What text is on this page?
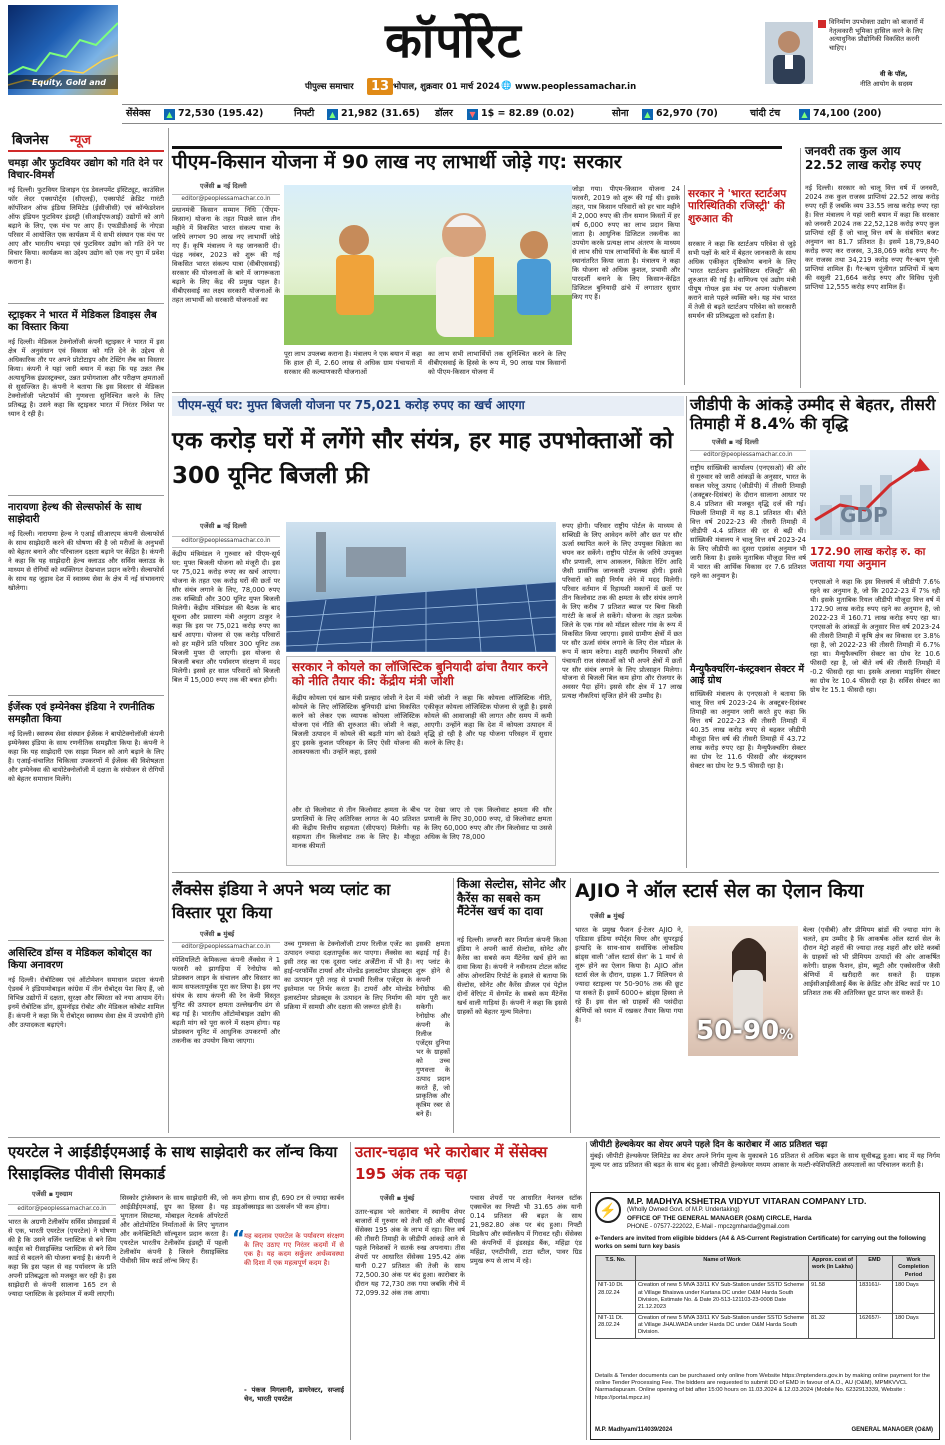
Equity, Gold and
कॉर्पोरेट
पीपुल्स समाचार	13 भोपाल, शुक्रवार 01 मार्च 2024 🌐 www.peoplessamachar.in
विनिर्माण उपभोक्ता उद्योग को बाजारों में नेतृत्वकारी भूमिका हासिल करने के लिए अत्याधुनिक प्रौद्योगिकी विकसित करनी चाहिए।
वी के पॉल,
नीति आयोग के सदस्य
सेंसेक्स	▲ 72,530 (195.42)	निफ्टी	▲ 21,982 (31.65) डॉलर	▼ 1$ = 82.89 (0.02)	सोना	▲ 62,970 (70)	चांदी टंच	▲ 74,100 (200)
बिजनेस न्यूज
चमड़ा और फुटवियर उद्योग को गति देने पर विचार-विमर्श
नई दिल्ली। फुटवियर डिजाइन एंड डेवलपमेंट इंस्टिट्यूट, काउंसिल फॉर लेदर एक्सपोर्ट्स (सीएलई), एक्सपोर्ट क्रेडिट गारंटी कॉर्पोरेशन ऑफ इंडिया लिमिटेड (ईसीजीसी) एवं कॉन्फेडरेशन ऑफ इंडियन फुटवियर इंडस्ट्री (सीआईएफआई) उद्योगों को आगे बढ़ाने के लिए, एक मंच पर आए हैं। एफडीडीआई के नोएडा परिसर में आयोजित एक कार्यक्रम में ये सभी संस्थान एक मंच पर आए और भारतीय चमड़ा एवं फुटवियर उद्योग को गति देने पर विचार किया। कार्यक्रम का उद्देश्य उद्योग को एक नए युग में प्रवेश कराना है।
स्ट्राइकर ने भारत में मेडिकल डिवाइस लैब का विस्तार किया
नई दिल्ली। मेडिकल टेक्नोलॉजी कंपनी स्ट्राइकर ने भारत में इस क्षेत्र में अनुसंधान एवं विकास को गति देने के उद्देश्य से अधिकारिक तौर पर अपने प्रोटोटाइप और टेस्टिंग लैब का विस्तार किया। कंपनी ने यहां जारी बयान में कहा कि यह उन्नत लैब अत्याधुनिक इंफ्रास्ट्रक्चर, उन्नत प्रयोगशाला और परीक्षण क्षमताओं से सुसज्जित है। कंपनी ने बताया कि इस विस्तार से मेडिकल टेक्नोलॉजी प्लेटफॉर्म की गुणवत्ता सुनिश्चित करने के लिए प्रतिबद्ध है। उसने कहा कि स्ट्राइकर भारत में निरंतर निवेश पर ध्यान दे रही है।
नारायणा हेल्थ की सेल्सफोर्स के साथ साझेदारी
नई दिल्ली। नारायणा हेल्थ ने एआई सीआरएम कंपनी सेल्सफोर्स के साथ साझेदारी करने की घोषणा की है जो मरीजों के अनुभवों को बेहतर बनाने और परिचालन दक्षता बढ़ाने पर केंद्रित है। कंपनी ने कहा कि यह साझेदारी हेल्थ क्लाउड और सर्विस क्लाउड के माध्यम से रोगियों को व्यक्तिगत देखभाल प्रदान करेगी। सेल्सफोर्स के साथ यह जुड़ाव देश में स्वास्थ्य सेवा के क्षेत्र में नई संभावनाएं खोलेगा।
ईजेंस्क एवं इम्येनेक्स इंडिया ने रणनीतिक समझौता किया
नई दिल्ली। स्वास्थ्य सेवा संस्थान ईजेंस्क ने बायोटेक्नोलॉजी कंपनी इम्येनेक्स इंडिया के साथ रणनीतिक समझौता किया है। कंपनी ने कहा कि यह साझेदारी एक साझा मिशन को आगे बढ़ाने के लिए है। एआई-संचालित चिकित्सा उपकरणों में ईजेंस्क की विशेषज्ञता और इम्येनेक्स की बायोटेक्नोलॉजी में दक्षता के संयोजन से रोगियों को बेहतर समाधान मिलेंगे।
असिस्टिव डॉग्स व मेडिकल कोबोट्स का किया अनावरण
नई दिल्ली। रोबोटिक्स एवं ऑटोमेशन समाधान प्रदाता कंपनी ऐडवर्ब ने इंडियामोबाइल कांग्रेस में तीन रोबोट्स पेश किए हैं, जो विभिन्न उद्योगों में दक्षता, सुरक्षा और स्थिरता को नया आयाम देंगे। इनमें रोबोटिक डॉग, ह्यूमनॉइड रोबोट और मेडिकल कोबोट शामिल हैं। कंपनी ने कहा कि ये रोबोट्स स्वास्थ्य सेवा क्षेत्र में उपयोगी होंगे और उत्पादकता बढ़ाएंगे।
पीएम-किसान योजना में 90 लाख नए लाभार्थी जोड़े गए: सरकार
एजेंसी ▪ नई दिल्ली
editor@peoplessamachar.co.in
प्रधानमंत्री किसान सम्मान निधि (पीएम-किसान) योजना के तहत पिछले साल तीन महीने में विकसित भारत संकल्प यात्रा के जरिये लगभग 90 लाख नए लाभार्थी जोड़े गए हैं। कृषि मंत्रालय ने यह जानकारी दी। पंद्रह नवंबर, 2023 को शुरू की गई विकसित भारत संकल्प यात्रा (वीबीएसवाई) सरकार की योजनाओं के बारे में जागरूकता बढ़ाने के लिए केंद्र की प्रमुख पहल है। वीबीएसवाई का लक्ष्य सरकारी योजनाओं के तहत लाभार्थी को सरकारी योजनाओं का
पूरा लाभ उपलब्ध कराना है। मंत्रालय ने एक बयान में कहा कि हाल ही में, 2.60 लाख से अधिक ग्राम पंचायतों में सरकार की कल्याणकारी योजनाओं
का लाभ सभी लाभार्थियों तक सुनिश्चित करने के लिए वीबीएसवाई के हिस्से के रूप में, 90 लाख पात्र किसानों को पीएम-किसान योजना में
जोड़ा गया। पीएम-किसान योजना 24 फरवरी, 2019 को शुरू की गई थी। इसके तहत, पात्र किसान परिवारों को हर चार महीने में 2,000 रुपए की तीन समान किस्तों में हर वर्ष 6,000 रुपए का लाभ प्रदान किया जाता है। आधुनिक डिजिटल तकनीक का उपयोग करके प्रत्यक्ष लाभ अंतरण के माध्यम से लाभ सीधे पात्र लाभार्थियों के बैंक खातों में स्थानांतरित किया जाता है। मंत्रालय ने कहा कि योजना को अधिक कुशल, प्रभावी और पारदर्शी बनाने के लिए किसान-केंद्रित डिजिटल बुनियादी ढांचे में लगातार सुधार किए गए हैं।
सरकार ने 'भारत स्टार्टअप पारिस्थितिकी रजिस्ट्री' की शुरुआत की
सरकार ने कहा कि स्टार्टअप परिवेश से जुड़े सभी पक्षों के बारे में बेहतर जानकारी के साथ अधिक एकीकृत दृष्टिकोण बनाने के लिए 'भारत स्टार्टअप इकोसिस्टम रजिस्ट्री' की शुरुआत की गई है। वाणिज्य एवं उद्योग मंत्री पीयूष गोयल इस मंच पर अपना पंजीकरण कराने वाले पहले व्यक्ति बने। यह मंच भारत में तेजी से बढ़ते स्टार्टअप परिवेश को सरकारी समर्थन की प्रतिबद्धता को दर्शाता है।
जनवरी तक कुल आय 22.52 लाख करोड़ रुपए
नई दिल्ली। सरकार को चालू वित्त वर्ष में जनवरी, 2024 तक कुल राजस्व प्राप्तियां 22.52 लाख करोड़ रुपए रहीं हैं जबकि व्यय 33.55 लाख करोड़ रुपए रहा है। वित्त मंत्रालय ने यहां जारी बयान में कहा कि सरकार को जनवरी 2024 तक 22,52,128 करोड़ रुपए कुल प्राप्तियां रहीं हैं जो चालू वित्त वर्ष के संबंधित बजट अनुमान का 81.7 प्रतिशत है। इसमें 18,79,840 करोड़ रुपए कर राजस्व, 3,38,069 करोड़ रुपए गैर-कर राजस्व तथा 34,219 करोड़ रुपए गैर-ऋण पूंजी प्राप्तियां शामिल हैं। गैर-ऋण पूंजीगत प्राप्तियों में ऋण की वसूली 21,664 करोड़ रुपए और विविध पूंजी प्राप्तियां 12,555 करोड़ रुपए शामिल हैं।
पीएम-सूर्य घर: मुफ्त बिजली योजना पर 75,021 करोड़ रुपए का खर्च आएगा
एक करोड़ घरों में लगेंगे सौर संयंत्र, हर माह उपभोक्ताओं को 300 यूनिट बिजली फ्री
एजेंसी ▪ नई दिल्ली
editor@peoplessamachar.co.in
केंद्रीय मंत्रिमंडल ने गुरुवार को पीएम-सूर्य घर: मुफ्त बिजली योजना को मंजूरी दी। इस पर 75,021 करोड़ रुपए का खर्च आएगा। योजना के तहत एक करोड़ घरों की छतों पर सौर संयंत्र लगाने के लिए, 78,000 रुपए तक सब्सिडी और 300 यूनिट मुफ्त बिजली मिलेगी। केंद्रीय मंत्रिमंडल की बैठक के बाद सूचना और प्रसारण मंत्री अनुराग ठाकुर ने कहा कि इस पर 75,021 करोड़ रुपए का खर्च आएगा। योजना से एक करोड़ परिवारों को हर महीने प्रति परिवार 300 यूनिट तक बिजली मुफ्त दी जाएगी। इस योजना से बिजली बचत और पर्यावरण संरक्षण में मदद मिलेगी। इससे हर साल परिवारों को बिजली बिल में 15,000 रुपए तक की बचत होगी।
सरकार ने कोयले का लॉजिस्टिक बुनियादी ढांचा तैयार करने को नीति तैयार की: केंद्रीय मंत्री जोशी
केंद्रीय कोयला एवं खान मंत्री प्रल्हाद जोशी ने देश में कोयले के लिए लॉजिस्टिक बुनियादी ढांचा विकसित करने को लेकर एक व्यापक कोयला लॉजिस्टिक योजना एवं नीति की शुरुआत की। जोशी ने कहा, बिजली उत्पादन में कोयले की बढ़ती मांग को देखते हुए इसके कुशल परिवहन के लिए ऐसी योजना की आवश्यकता थी। उन्होंने कहा, इससे
मंत्री जोशी ने कहा कि कोयला लॉजिस्टिक नीति, एकीकृत कोयला लॉजिस्टिक योजना से जुड़ी है। इससे कोयले की आवाजाही की लागत और समय में कमी आएगी। उन्होंने कहा कि देश में कोयला उत्पादन में वृद्धि हो रही है और यह योजना परिवहन में सुधार करने के लिए है।
और दो किलोवाट से तीन किलोवाट क्षमता के बीच प्रणालियों के लिए अतिरिक्त लागत के 40 प्रतिशत की केंद्रीय वित्तीय सहायता (सीएफए) मिलेगी। यह सहायता तीन किलोवाट तक के लिए है। मौजूदा मानक कीमतों
पर देखा जाए तो एक किलोवाट क्षमता की सौर प्रणाली के लिए 30,000 रुपए, दो किलोवाट क्षमता के लिए 60,000 रुपए और तीन किलोवाट या उससे अधिक के लिए 78,000
रुपए होगी। परिवार राष्ट्रीय पोर्टल के माध्यम से सब्सिडी के लिए आवेदन करेंगे और छत पर सौर ऊर्जा स्थापित करने के लिए उपयुक्त विक्रेता का चयन कर सकेंगे। राष्ट्रीय पोर्टल के जरिये उपयुक्त सौर प्रणाली, लाभ आकलन, विक्रेता रेटिंग आदि जैसी प्रासंगिक जानकारी उपलब्ध होगी। इससे परिवारों को सही निर्णय लेने में मदद मिलेगी। परिवार वर्तमान में रिहायशी मकानों में छतों पर तीन किलोवाट तक की क्षमता के सौर संयंत्र लगाने के लिए करीब 7 प्रतिशत ब्याज पर बिना किसी गारंटी के कर्ज ले सकेंगे। योजना के तहत प्रत्येक जिले के एक गांव को मॉडल सोलर गांव के रूप में विकसित किया जाएगा। इससे ग्रामीण क्षेत्रों में छत पर सौर ऊर्जा संयंत्र लगाने के लिए रोल मॉडल के रूप में काम करेगा। शहरी स्थानीय निकायों और पंचायती राज संस्थाओं को भी अपने क्षेत्रों में छतों पर सौर संयंत्र लगाने के लिए प्रोत्साहन मिलेगा। योजना से बिजली बिल कम होगा और रोजगार के अवसर पैदा होंगे। इससे सौर क्षेत्र में 17 लाख प्रत्यक्ष नौकरियां सृजित होने की उम्मीद है।
जीडीपी के आंकड़े उम्मीद से बेहतर, तीसरी तिमाही में 8.4% की वृद्धि
एजेंसी ▪ नई दिल्ली
editor@peoplessamachar.co.in
राष्ट्रीय सांख्यिकी कार्यालय (एनएसओ) की ओर से गुरुवार को जारी आंकड़ों के अनुसार, भारत के सकल घरेलू उत्पाद (जीडीपी) में तीसरी तिमाही (अक्टूबर-दिसंबर) के दौरान सालाना आधार पर 8.4 प्रतिशत की मजबूत वृद्धि दर्ज की गई। पिछली तिमाही में यह 8.1 प्रतिशत थी। बीते वित्त वर्ष 2022-23 की तीसरी तिमाही में जीडीपी 4.4 प्रतिशत की दर से बढ़ी थी। सांख्यिकी मंत्रालय ने चालू वित्त वर्ष 2023-24 के लिए जीडीपी का दूसरा एडवांस अनुमान भी जारी किया है। इसके मुताबिक मौजूदा वित्त वर्ष में भारत की आर्थिक विकास दर 7.6 प्रतिशत रहने का अनुमान है।
मैन्युफैक्चरिंग-कंस्ट्रक्शन सेक्टर में आई ग्रोथ
सांख्यिकी मंत्रालय के एनएसओ ने बताया कि चालू वित्त वर्ष 2023-24 के अक्टूबर-दिसंबर तिमाही का अनुमान जारी करते हुए कहा कि वित्त वर्ष 2022-23 की तीसरी तिमाही में 40.35 लाख करोड़ रुपए से बढ़कर जीडीपी मौजूदा वित्त वर्ष की तीसरी तिमाही में 43.72 लाख करोड़ रुपए रहा है। मैन्युफैक्चरिंग सेक्टर का ग्रोथ रेट 11.6 फीसदी और कंस्ट्रक्शन सेक्टर का ग्रोथ रेट 9.5 फीसदी रहा है।
GDP
172.90 लाख करोड़ रु. का जताया गया अनुमान
एनएसओ ने कहा कि इस वित्तवर्ष में जीडीपी 7.6% रहने का अनुमान है, जो कि 2022-23 में 7% रही थी। इसके मुताबिक रियल जीडीपी मौजूदा वित्त वर्ष में 172.90 लाख करोड़ रुपए रहने का अनुमान है, जो 2022-23 में 160.71 लाख करोड़ रुपए रहा था। एनएसओ के आंकड़ों के अनुसार वित्त वर्ष 2023-24 की तीसरी तिमाही में कृषि क्षेत्र का विकास दर 3.8% रहा है, जो 2022-23 की तीसरी तिमाही में 6.7% रहा था। मैन्युफैक्चरिंग सेक्टर का ग्रोथ रेट 10.6 फीसदी रहा है, जो बीते वर्ष की तीसरी तिमाही में -0.2 फीसदी रहा था। इसके अलावा माइनिंग सेक्टर का ग्रोथ रेट 10.4 फीसदी रहा है। सर्विस सेक्टर का ग्रोथ रेट 15.1 फीसदी रहा।
लैंक्सेस इंडिया ने अपने भव्य प्लांट का विस्तार पूरा किया
एजेंसी ▪ मुंबई
editor@peoplessamachar.co.in
स्पेशियलिटी केमिकल्स कंपनी लैंक्सेस ने 1 फरवरी को झागड़िया में रेनोग्रोफ को प्रोडक्शन लाइन के संचालन और विस्तार का काम सफलतापूर्वक पूरा कर लिया है। इस नए संयंत्र के साथ कंपनी की रेन केमी विस्तृत यूनिट की उत्पादन क्षमता उल्लेखनीय ढंग से बढ़ गई है। भारतीय ऑटोमोबाइल उद्योग की बढ़ती मांग को पूरा करने में सक्षम होगा। यह प्रोडक्शन यूनिट में आधुनिक उपकरणों और तकनीक का उपयोग किया जाएगा।
उच्च गुणवत्ता के टेक्नोलॉजी टायर रिलीज एजेंट का उत्पादन ज्यादा दक्षतापूर्वक कर पाएगा। लैंक्सेस का इसी तरह का एक दूसरा प्लांट अर्जेंटीना में भी है। हाई-परफॉर्मेंस टायर्स और मोल्डेड इलास्टोमर प्रोडक्ट्स का उत्पादन पूरी तरह से प्रभावी रिलीज एजेंट्स के इस्तेमाल पर निर्भर करता है। टायरों और मोल्डेड इलास्टोमर प्रोडक्ट्स के उत्पादन के लिए निर्माण की प्रक्रिया में सामग्री और दक्षता की जरूरत होती है।
इसकी क्षमता बढ़ाई गई है। नए प्लांट के शुरू होने से कंपनी रेनोग्रोफ की मांग पूरी कर सकेगी। रेनोग्रोफ और कंपनी के रिलीज एजेंट्स दुनिया भर के ग्राहकों को उच्च गुणवत्ता के उत्पाद प्रदान करते हैं, जो प्राकृतिक और कृत्रिम रबर से बने हैं।
किआ सेल्टोस, सोनेट और कैरेंस का सबसे कम मैंटेनेंस खर्च का दावा
नई दिल्ली। लग्जरी कार निर्माता कंपनी किआ इंडिया ने अपनी कारों सेल्टोस, सोनेट और कैरेंस का सबसे कम मैंटेनेंस खर्च होने का दावा किया है। कंपनी ने नवीनतम टोटल कॉस्ट ऑफ ओनरशिप रिपोर्ट के हवाले से बताया कि सेल्टोस, सोनेट और कैरेंस डीजल एवं पेट्रोल दोनों वेरिएंट में सेगमेंट के सबसे कम मैंटेनेंस खर्च वाली गाड़ियां हैं। कंपनी ने कहा कि इससे ग्राहकों को बेहतर मूल्य मिलेगा।
AJIO ने ऑल स्टार्स सेल का ऐलान किया
एजेंसी ▪ मुंबई
भारत के प्रमुख फैशन ई-टेलर AJIO ने, एडिडास इंडिया स्पोर्ट्स वियर और सुपरड्राई इत्यादि के साथ-साथ सर्वाधिक लोकप्रिय ब्रांड्स वाली 'ऑल स्टार्स सेल' के 1 मार्च से शुरू होने का ऐलान किया है। AJIO ऑल स्टार्स सेल के दौरान, ग्राहक 1.7 मिलियन से ज्यादा स्टाइल्स पर 50-90% तक की छूट पा सकते हैं। इसमें 6000+ ब्रांड्स हिस्सा ले रहे हैं। इस सेल को ग्राहकों की पसंदीदा श्रेणियों को ध्यान में रखकर तैयार किया गया है।	50-90%
बेल्स (एवीबी) और प्रीमियम ब्रांडों की ज्यादा मांग के चलते, हम उम्मीद है कि आकर्षक ऑल स्टार्स सेल के दौरान मेट्रो शहरों की ज्यादा तरह शहरों और छोटे कस्बों के ग्राहकों को भी प्रीमियम उत्पादों की ओर आकर्षित करेगी। ग्राहक फैशन, होम, ब्यूटी और एक्सेसरीज जैसी श्रेणियों में खरीदारी कर सकते हैं। ग्राहक आईसीआईसीआई बैंक के क्रेडिट और डेबिट कार्ड पर 10 प्रतिशत तक की अतिरिक्त छूट प्राप्त कर सकते हैं।
एयरटेल ने आईडीईएमआई के साथ साझेदारी कर लॉन्च किया रिसाइक्लिड पीवीसी सिमकार्ड
एजेंसी ▪ गुरुग्राम
editor@peoplessamachar.co.in
भारत के अग्रणी टेलीकॉम सर्विस प्रोवाइडर्स में से एक, भारती एयरटेल (एयरटेल) ने घोषणा की है कि उसने वर्जिन प्लास्टिक से बने सिम कार्ड्स को रीसाइक्लिड प्लास्टिक से बने सिम कार्ड से बदलने की योजना बनाई है। कंपनी ने कहा कि इस पहल से वह पर्यावरण के प्रति अपनी प्रतिबद्धता को मजबूत कर रही है। इस साझेदारी से कंपनी सालाना 165 टन से ज्यादा प्लास्टिक के इस्तेमाल में कमी लाएगी।
सिस्कोर ट्रांजेक्शन के साथ साझेदारी की, जो आईडीईएमआई, ग्रुप का हिस्सा है। यह भुगतान सिस्टम्स, मोबाइल नेटवर्क ऑपरेटरों और ओटोमोटिव निर्माताओं के लिए भुगतान और कनेक्टिविटी सॉल्यूशन प्रदान करता है। एयरटेल भारतीय टेलीकॉम इंडस्ट्री में पहली टेलीकॉम कंपनी है जिसने रीसाइक्लिड पीवीसी सिम कार्ड लॉन्च किए हैं।
कम होगा। साथ ही, 690 टन से ज्यादा कार्बन डाइऑक्साइड का उत्सर्जन भी कम होगा।
“
यह बदलाव एयरटेल के पर्यावरण संरक्षण के लिए उठाए गए निरंतर कदमों में से एक है। यह कदम सर्कुलर अर्थव्यवस्था की दिशा में एक महत्वपूर्ण कदम है।
- पंकज मिगलानी, डायरेक्टर, सप्लाई चेन, भारती एयरटेल
उतार-चढ़ाव भरे कारोबार में सेंसेक्स 195 अंक तक चढ़ा
एजेंसी ▪ मुंबई
उतार-चढ़ाव भरे कारोबार में स्थानीय शेयर बाजारों में गुरुवार को तेजी रही और बीएसई सेंसेक्स 195 अंक के लाभ में रहा। वित्त वर्ष की तीसरी तिमाही के जीडीपी आंकड़े आने से पहले निवेशकों ने सतर्क रुख अपनाया। तीस शेयरों पर आधारित सेंसेक्स 195.42 अंक यानी 0.27 प्रतिशत की तेजी के साथ 72,500.30 अंक पर बंद हुआ। कारोबार के दौरान यह 72,730 तक गया जबकि नीचे में 72,099.32 अंक तक आया।
पचास शेयरों पर आधारित नेशनल स्टॉक एक्सचेंज का निफ्टी भी 31.65 अंक यानी 0.14 प्रतिशत की बढ़त के साथ 21,982.80 अंक पर बंद हुआ। निफ्टी मिडकैप और स्मॉलकैप में गिरावट रही। सेंसेक्स की कंपनियों में इंडसइंड बैंक, महिंद्रा एंड महिंद्रा, एनटीपीसी, टाटा स्टील, पावर ग्रिड प्रमुख रूप से लाभ में रहे।
जीपीटी हेल्थकेयर का शेयर अपने पहले दिन के कारोबार में आठ प्रतिशत चढ़ा
मुंबई। जीपीटी हेल्थकेयर लिमिटेड का शेयर अपने निर्गम मूल्य के मुकाबले 16 प्रतिशत से अधिक बढ़त के साथ सूचीबद्ध हुआ। बाद में यह निर्गम मूल्य पर आठ प्रतिशत की बढ़त के साथ बंद हुआ। जीपीटी हेल्थकेयर मध्यम आकार के मल्टी-स्पेशियलिटी अस्पतालों का परिचालन करती है।
⚡
M.P. MADHYA KSHETRA VIDYUT VITARAN COMPANY LTD.
(Wholly Owned Govt. of M.P. Undertaking)
OFFICE OF THE GENERAL MANAGER (O&M) CIRCLE, Harda
PHONE - 07577-222022, E-Mail - mpczgmharda@gmail.com
e-Tenders are invited from eligible bidders (A4 & AS-Current Registration Certificate) for carrying out the following works on semi turn key basis
T.S. No.	Name of Work	Approx. cost of work (in Lakhs)	EMD	Work Completion Period
NIT-10 Dt. 28.02.24	Creation of new 5 MVA 33/11 KV Sub-Station under SSTD Scheme at Village Bhaiswa under Kartana DC under O&M Harda South Division, Estimate No. & Date 20-513-121103-23-0008 Date 21.12.2023	91.58	183161/-	180 Days
NIT-11 Dt. 28.02.24	Creation of new 5 MVA 33/11 KV Sub-Station under SSTD Scheme at Village JHALWADA under Harda DC under O&M Harda South Division.	81.32	162657/-	180 Days
Details & Tender documents can be purchased only online from Website https://mptenders.gov.in by making online payment for the online Tender Processing Fee. The bidders are requested to submit DD of EMD in favour of A.O., AU (O&M), MPMKVVCL Narmadapuram. Online opening of bid after 15:00 hours on 11.03.2024 & 12.03.2024 (Mobile No. 6232913339, Website : https://portal.mpcz.in)
M.P. Madhyam/114039/2024	GENERAL MANAGER (O&M)
